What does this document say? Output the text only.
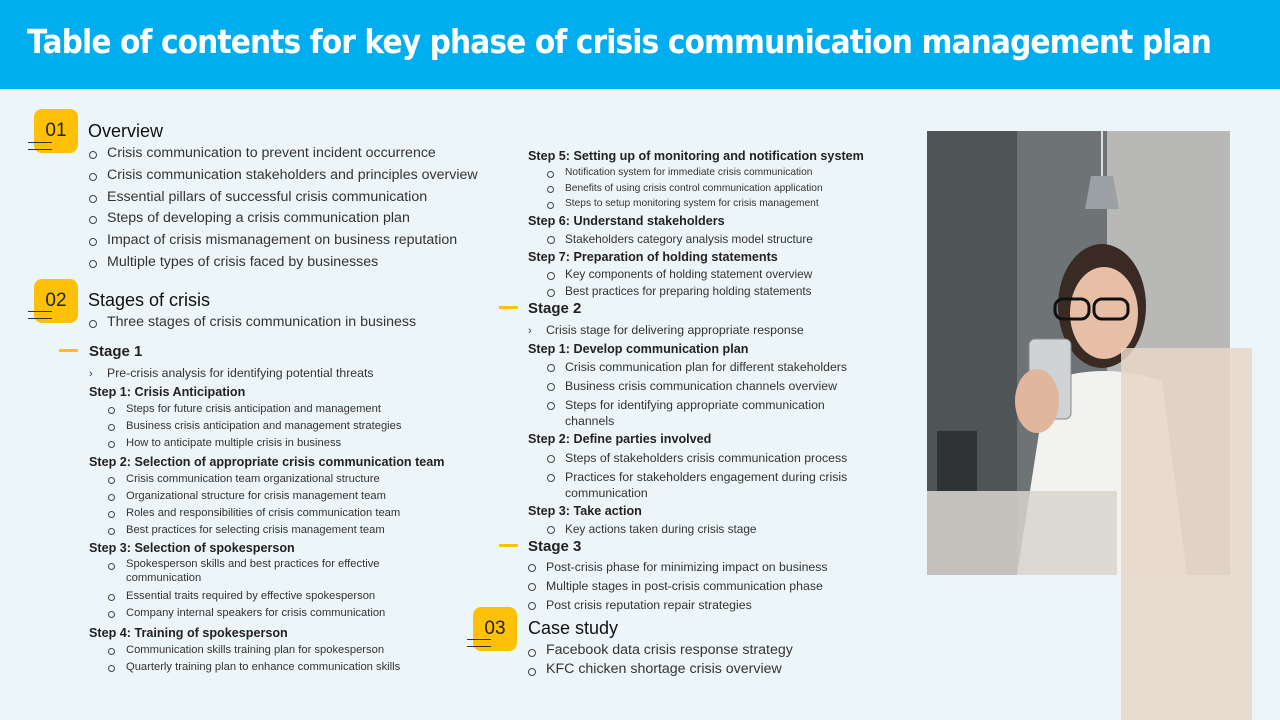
Table of contents for key phase of crisis communication management plan
01	Overview
Crisis communication to prevent incident occurrence
Crisis communication stakeholders and principles overview
Essential pillars of successful crisis communication
Steps of developing a crisis communication plan
Impact of crisis mismanagement on business reputation
Multiple types of crisis faced by businesses
02	Stages of crisis
Three stages of crisis communication in business
Stage 1
› Pre-crisis analysis for identifying potential threats
Step 1: Crisis Anticipation
Steps for future crisis anticipation and management
Business crisis anticipation and management strategies
How to anticipate multiple crisis in business
Step 2: Selection of appropriate crisis communication team
Crisis communication team organizational structure
Organizational structure for crisis management team
Roles and responsibilities of crisis communication team
Best practices for selecting crisis management team
Step 3: Selection of spokesperson
Spokesperson skills and best practices for effective
communication
Essential traits required by effective spokesperson
Company internal speakers for crisis communication
Step 4: Training of spokesperson
Communication skills training plan for spokesperson
Quarterly training plan to enhance communication skills
Step 5: Setting up of monitoring and notification system
Notification system for immediate crisis communication
Benefits of using crisis control communication application
Steps to setup monitoring system for crisis management
Step 6: Understand stakeholders
Stakeholders category analysis model structure
Step 7: Preparation of holding statements
Key components of holding statement overview
Best practices for preparing holding statements
Stage 2
› Crisis stage for delivering appropriate response
Step 1: Develop communication plan
Crisis communication plan for different stakeholders
Business crisis communication channels overview
Steps for identifying appropriate communication
channels
Step 2: Define parties involved
Steps of stakeholders crisis communication process
Practices for stakeholders engagement during crisis
communication
Step 3: Take action
Key actions taken during crisis stage
Stage 3
Post-crisis phase for minimizing impact on business
Multiple stages in post-crisis communication phase
Post crisis reputation repair strategies
03	Case study
Facebook data crisis response strategy
KFC chicken shortage crisis overview
